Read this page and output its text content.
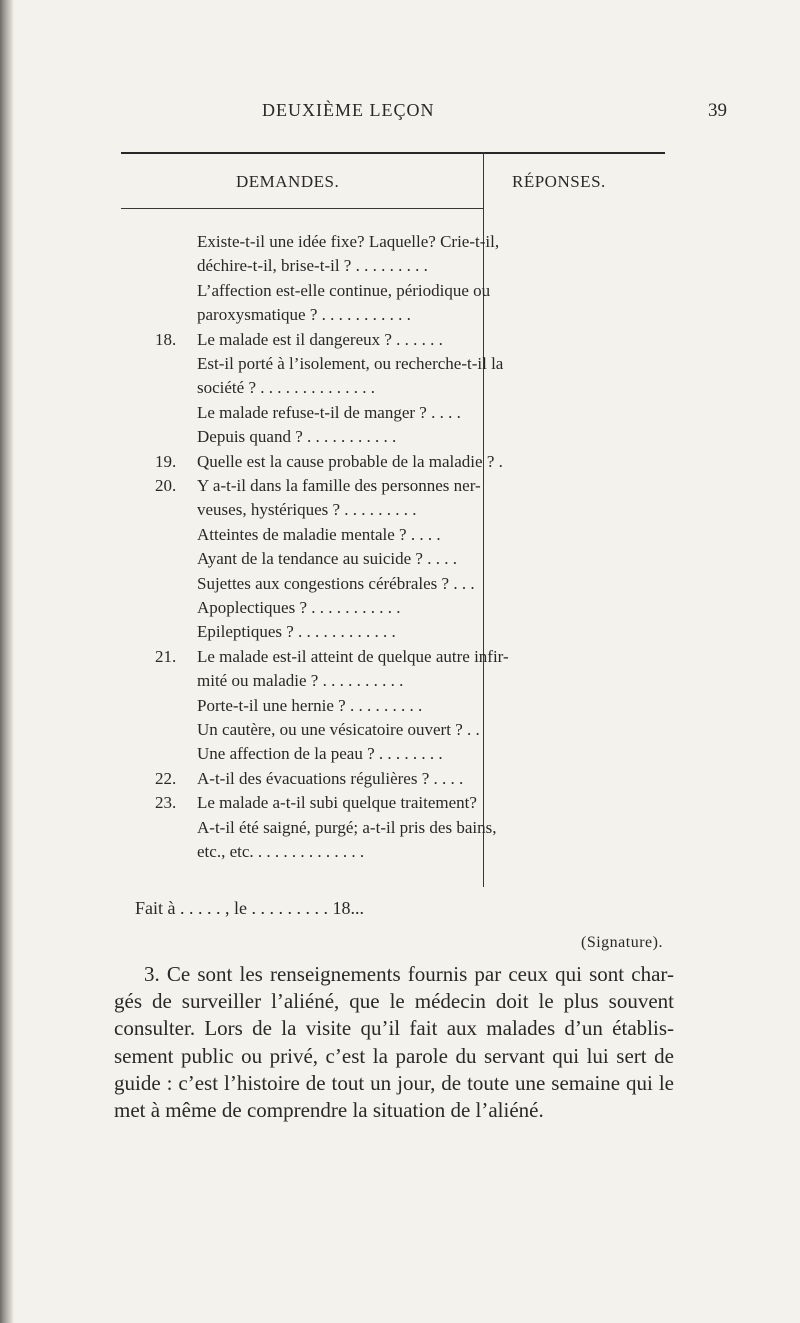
DEUXIÈME LEÇON	39
DEMANDES.	RÉPONSES.
Existe-t-il une idée fixe? Laquelle? Crie-t-il,
déchire-t-il, brise-t-il ? . . . . . . . . .
L’affection est-elle continue, périodique ou
paroxysmatique ? . . . . . . . . . . .
18. Le malade est il dangereux ? . . . . . .
Est-il porté à l’isolement, ou recherche-t-il la
société ? . . . . . . . . . . . . . .
Le malade refuse-t-il de manger ? . . . .
Depuis quand ? . . . . . . . . . . .
19. Quelle est la cause probable de la maladie ? .
20. Y a-t-il dans la famille des personnes ner-
veuses, hystériques ? . . . . . . . . .
Atteintes de maladie mentale ? . . . .
Ayant de la tendance au suicide ? . . . .
Sujettes aux congestions cérébrales ? . . .
Apoplectiques ? . . . . . . . . . . .
Epileptiques ? . . . . . . . . . . . .
21. Le malade est-il atteint de quelque autre infir-
mité ou maladie ? . . . . . . . . . .
Porte-t-il une hernie ? . . . . . . . . .
Un cautère, ou une vésicatoire ouvert ? . .
Une affection de la peau ? . . . . . . . .
22. A-t-il des évacuations régulières ? . . . .
23. Le malade a-t-il subi quelque traitement?
A-t-il été saigné, purgé; a-t-il pris des bains,
etc., etc. . . . . . . . . . . . . .
Fait à . . . . . , le . . . . . . . . . 18...
(Signature).

3. Ce sont les renseignements fournis par ceux qui sont char-gés de surveiller l’aliéné, que le médecin doit le plus souvent consulter. Lors de la visite qu’il fait aux malades d’un établis-sement public ou privé, c’est la parole du servant qui lui sert de guide : c’est l’histoire de tout un jour, de toute une semaine qui le met à même de comprendre la situation de l’aliéné.
